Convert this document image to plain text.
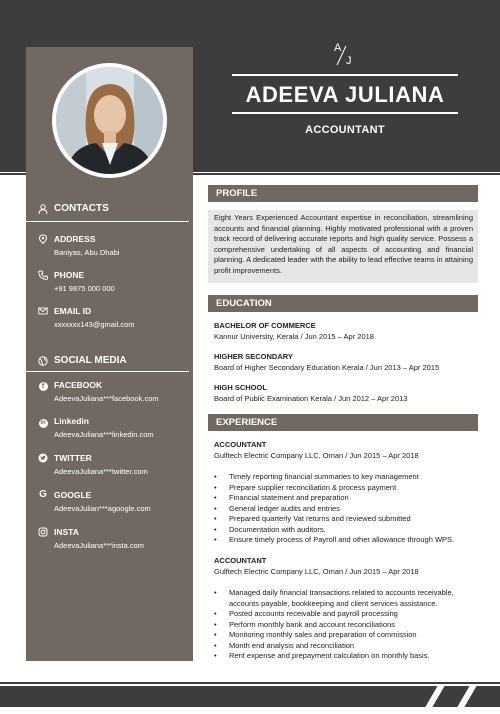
A
J
ADEEVA JULIANA
ACCOUNTANT
CONTACTS
ADDRESS
Baniyas, Abu Dhabi
PHONE
+91 9875 000 000
EMAIL ID
xxxxxxx143@gmail.com
SOCIAL MEDIA
f	FACEBOOK
AdeevaJuliana***facebook.com
in Linkedin
AdeevaJuliana***linkedin.com
TWITTER
AdeevaJuliana***twitter.com
G GOOGLE
AdeevaJulian***agoogle.com
INSTA
AdeevaJuliana***insta.com
PROFILE
Eight Years Experienced Accountant expertise in reconciliation, streamlining accounts and financial planning. Highly motivated professional with a proven track record of delivering accurate reports and high quality service. Possess a comprehensive undertaking of all aspects of accounting and financial planning. A dedicated leader with the ability to lead effective teams in attaining profit improvements.
EDUCATION
BACHELOR OF COMMERCE
Kannur University, Kerala / Jun 2015 – Apr 2018
HIGHER SECONDARY
Board of Higher Secondary Education Kerala / Jun 2013 – Apr 2015
HIGH SCHOOL
Board of Public Examination Kerala / Jun 2012 – Apr 2013
EXPERIENCE
ACCOUNTANT
Gulftech Electric Company LLC, Oman / Jun 2015 – Apr 2018
• Timely reporting financial summaries to key management
• Prepare supplier reconciliation & process payment
• Financial statement and preparation
• General ledger audits and entries
• Prepared quarterly Vat returns and reviewed submitted
• Documentation with auditors.
• Ensure timely process of Payroll and other allowance through WPS.
ACCOUNTANT
Gulftech Electric Company LLC, Oman / Jun 2015 – Apr 2018
• Managed daily financial transactions related to accounts receivable, accounts payable, bookkeeping and client services assistance.
• Posted accounts receivable and payroll processing
• Perform monthly bank and account reconciliations
• Monitoring monthly sales and preparation of commission
• Month end analysis and reconciliation
• Rent expense and prepayment calculation on monthly basis.
